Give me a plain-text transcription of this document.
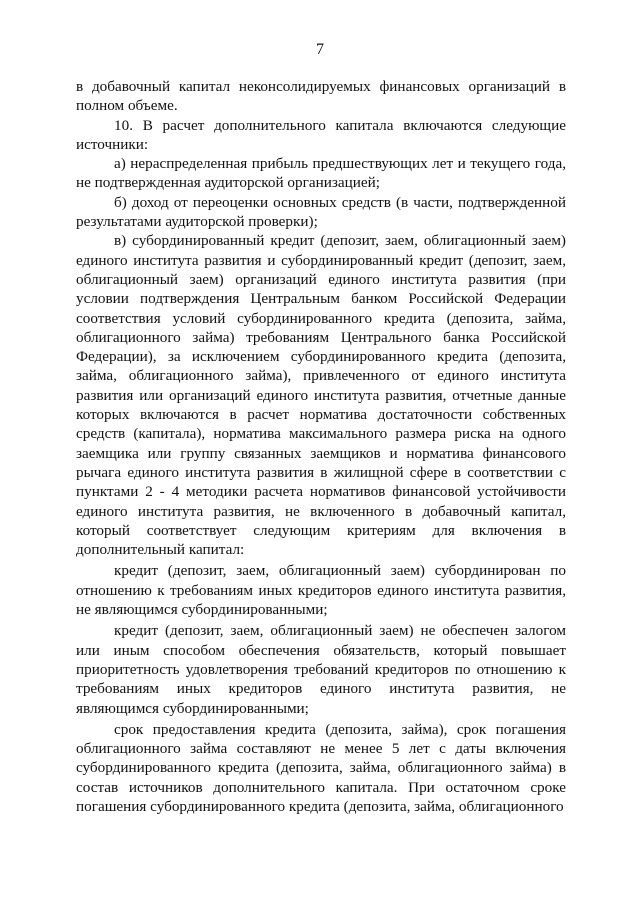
7

в добавочный капитал неконсолидируемых финансовых организаций в полном объеме.

10. В расчет дополнительного капитала включаются следующие источники:

а) нераспределенная прибыль предшествующих лет и текущего года, не подтвержденная аудиторской организацией;

б) доход от переоценки основных средств (в части, подтвержденной результатами аудиторской проверки);

в) субординированный кредит (депозит, заем, облигационный заем) единого института развития и субординированный кредит (депозит, заем, облигационный заем) организаций единого института развития (при условии подтверждения Центральным банком Российской Федерации соответствия условий субординированного кредита (депозита, займа, облигационного займа) требованиям Центрального банка Российской Федерации), за исключением субординированного кредита (депозита, займа, облигационного займа), привлеченного от единого института развития или организаций единого института развития, отчетные данные которых включаются в расчет норматива достаточности собственных средств (капитала), норматива максимального размера риска на одного заемщика или группу связанных заемщиков и норматива финансового рычага единого института развития в жилищной сфере в соответствии с пунктами 2 - 4 методики расчета нормативов финансовой устойчивости единого института развития, не включенного в добавочный капитал, который соответствует следующим критериям для включения в дополнительный капитал:

кредит (депозит, заем, облигационный заем) субординирован по отношению к требованиям иных кредиторов единого института развития, не являющимся субординированными;

кредит (депозит, заем, облигационный заем) не обеспечен залогом или иным способом обеспечения обязательств, который повышает приоритетность удовлетворения требований кредиторов по отношению к требованиям иных кредиторов единого института развития, не являющимся субординированными;

срок предоставления кредита (депозита, займа), срок погашения облигационного займа составляют не менее 5 лет с даты включения субординированного кредита (депозита, займа, облигационного займа) в состав источников дополнительного капитала. При остаточном сроке погашения субординированного кредита (депозита, займа, облигационного
